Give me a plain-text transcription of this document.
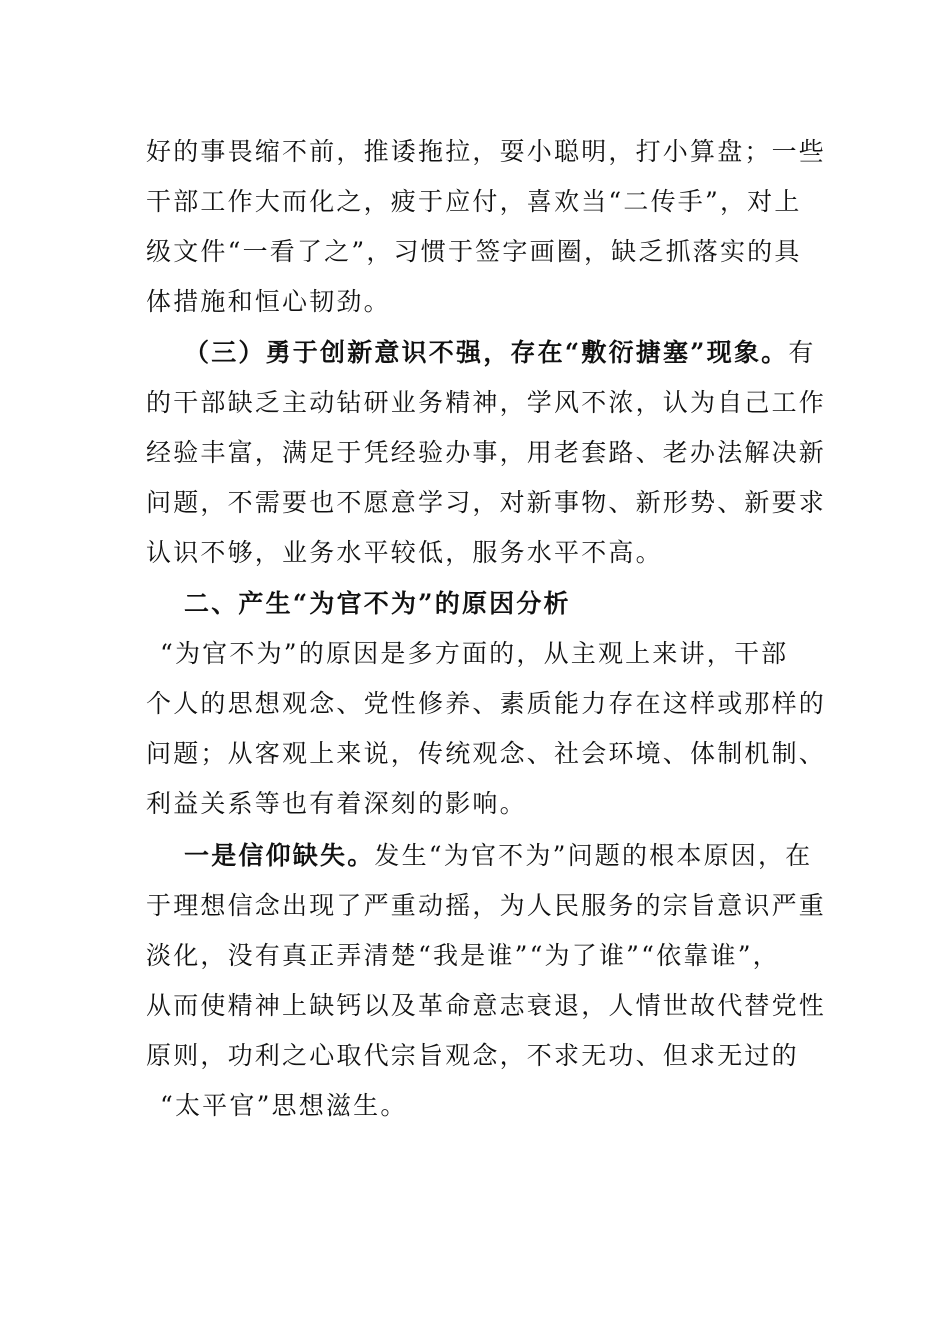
好的事畏缩不前，推诿拖拉，耍小聪明，打小算盘；一些
干部工作大而化之，疲于应付，喜欢当“二传手”，对上
级文件“一看了之”，习惯于签字画圈，缺乏抓落实的具
体措施和恒心韧劲。
（三）勇于创新意识不强，存在“敷衍搪塞”现象。有
的干部缺乏主动钻研业务精神，学风不浓，认为自己工作
经验丰富，满足于凭经验办事，用老套路、老办法解决新
问题，不需要也不愿意学习，对新事物、新形势、新要求
认识不够，业务水平较低，服务水平不高。
二、产生“为官不为”的原因分析
“为官不为”的原因是多方面的，从主观上来讲，干部
个人的思想观念、党性修养、素质能力存在这样或那样的
问题；从客观上来说，传统观念、社会环境、体制机制、
利益关系等也有着深刻的影响。
一是信仰缺失。发生“为官不为”问题的根本原因，在
于理想信念出现了严重动摇，为人民服务的宗旨意识严重
淡化，没有真正弄清楚“我是谁”“为了谁”“依靠谁”，
从而使精神上缺钙以及革命意志衰退，人情世故代替党性
原则，功利之心取代宗旨观念，不求无功、但求无过的
“太平官”思想滋生。
